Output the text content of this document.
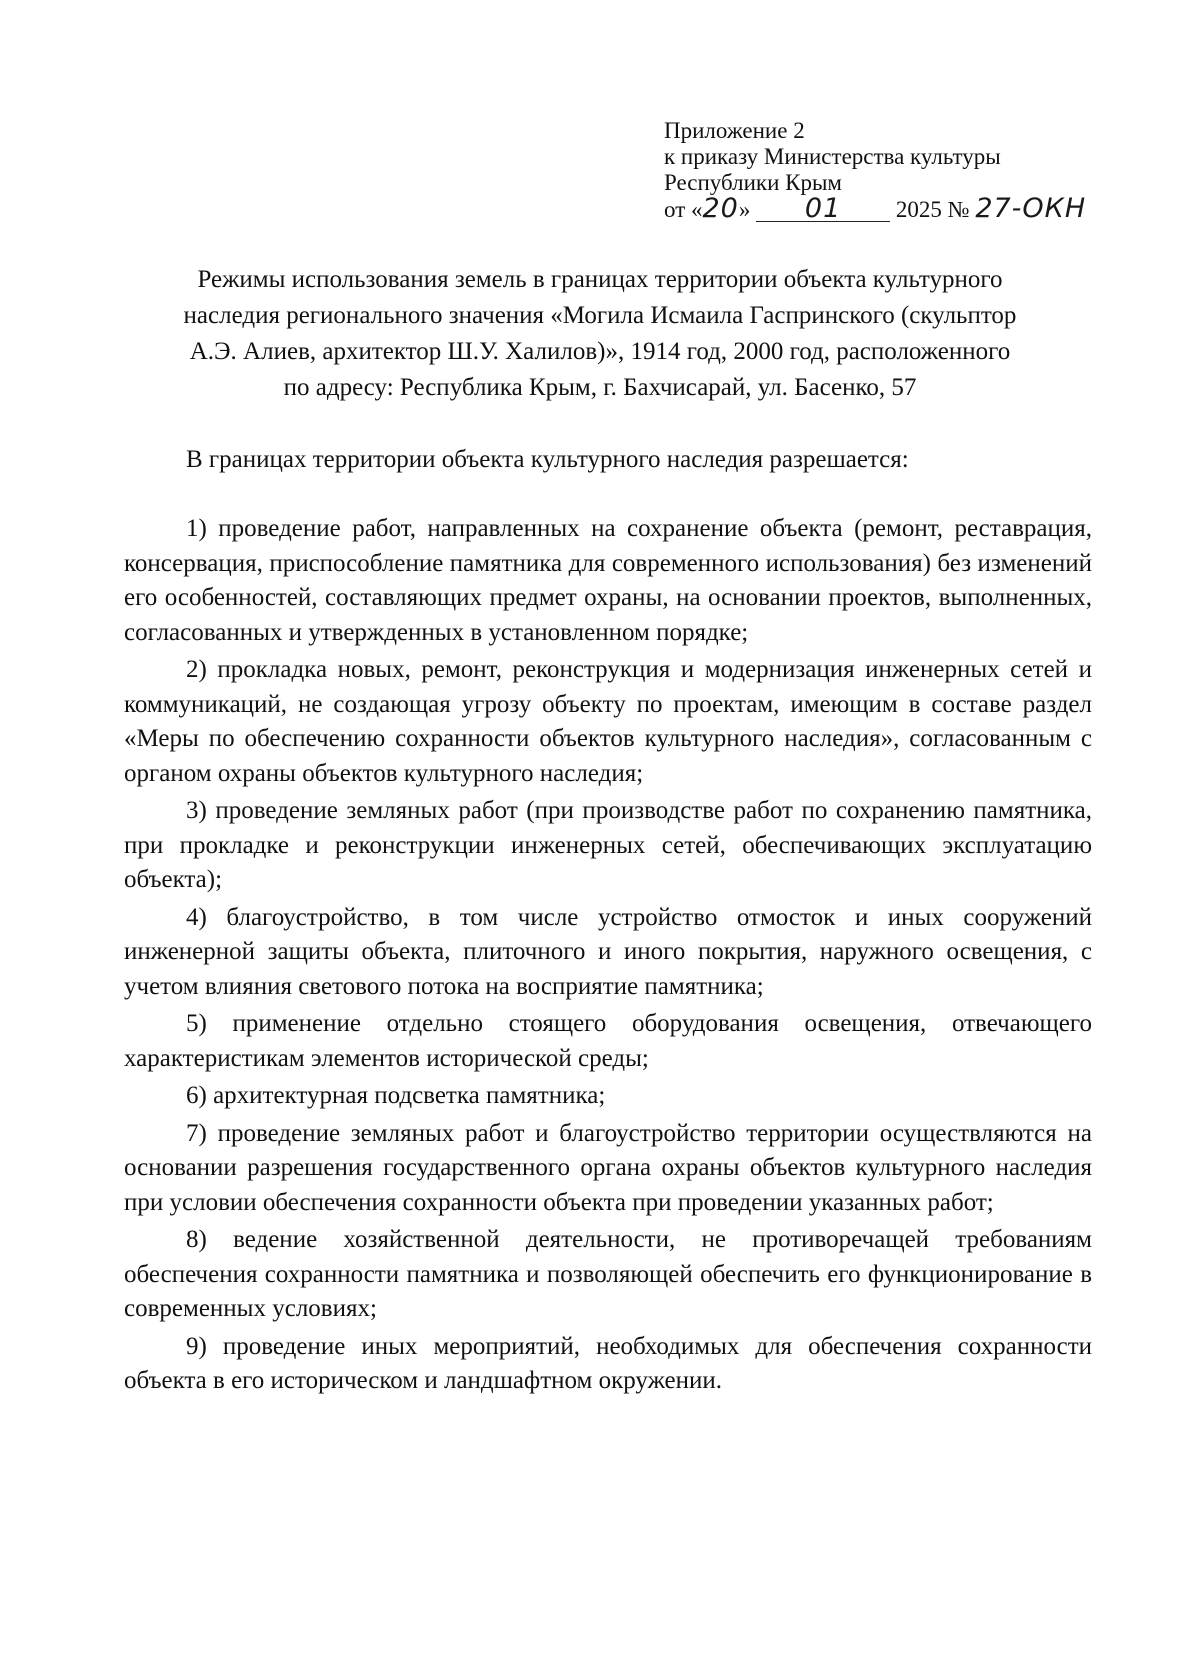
Приложение 2
к приказу Министерства культуры
Республики Крым
от «20» 01 2025 № 27-ОКН
Режимы использования земель в границах территории объекта культурного
наследия регионального значения «Могила Исмаила Гаспринского (скульптор
А.Э. Алиев, архитектор Ш.У. Халилов)», 1914 год, 2000 год, расположенного
по адресу: Республика Крым, г. Бахчисарай, ул. Басенко, 57
В границах территории объекта культурного наследия разрешается:

1) проведение работ, направленных на сохранение объекта (ремонт, реставрация, консервация, приспособление памятника для современного использования) без изменений его особенностей, составляющих предмет охраны, на основании проектов, выполненных, согласованных и утвержденных в установленном порядке;

2) прокладка новых, ремонт, реконструкция и модернизация инженерных сетей и коммуникаций, не создающая угрозу объекту по проектам, имеющим в составе раздел «Меры по обеспечению сохранности объектов культурного наследия», согласованным с органом охраны объектов культурного наследия;

3) проведение земляных работ (при производстве работ по сохранению памятника, при прокладке и реконструкции инженерных сетей, обеспечивающих эксплуатацию объекта);

4) благоустройство, в том числе устройство отмосток и иных сооружений инженерной защиты объекта, плиточного и иного покрытия, наружного освещения, с учетом влияния светового потока на восприятие памятника;

5) применение отдельно стоящего оборудования освещения, отвечающего характеристикам элементов исторической среды;

6) архитектурная подсветка памятника;

7) проведение земляных работ и благоустройство территории осуществляются на основании разрешения государственного органа охраны объектов культурного наследия при условии обеспечения сохранности объекта при проведении указанных работ;

8) ведение хозяйственной деятельности, не противоречащей требованиям обеспечения сохранности памятника и позволяющей обеспечить его функционирование в современных условиях;

9) проведение иных мероприятий, необходимых для обеспечения сохранности объекта в его историческом и ландшафтном окружении.
